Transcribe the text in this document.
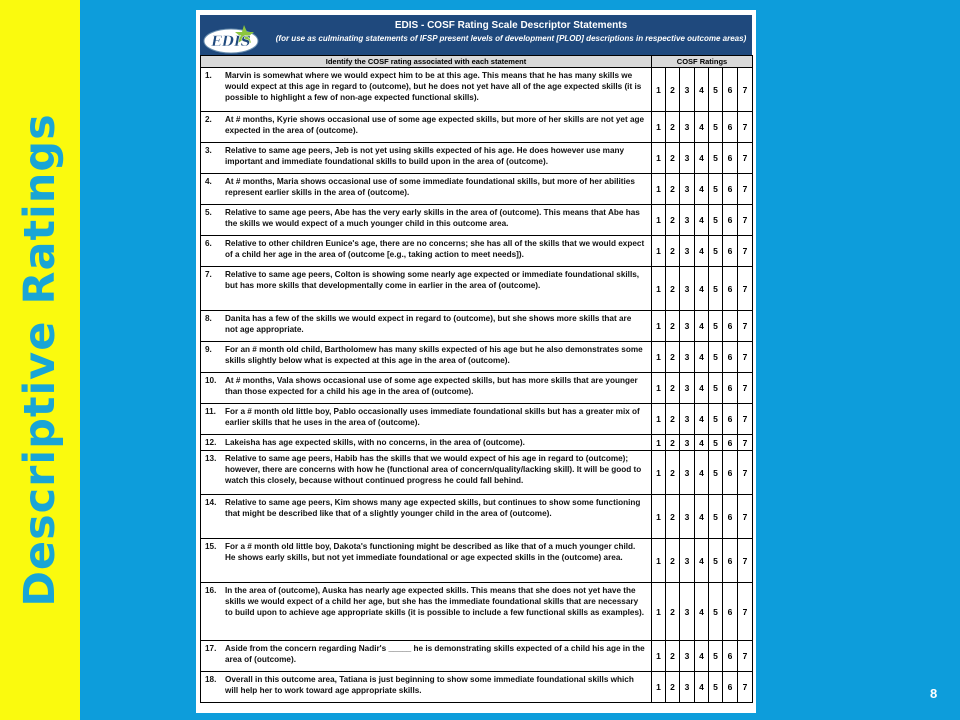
Descriptive Ratings
EDIS - COSF Rating Scale Descriptor Statements
(for use as culminating statements of IFSP present levels of development [PLOD] descriptions in respective outcome areas)
EDIS
Identify the COSF rating associated with each statement	COSF Ratings						
1. Marvin is somewhat where we would expect him to be at this age. This means that he has many skills we would expect at this age in regard to (outcome), but he does not yet have all of the age expected skills (it is possible to highlight a few of non-age expected functional skills).	1	2	3	4	5	6	7
2. At # months, Kyrie shows occasional use of some age expected skills, but more of her skills are not yet age expected in the area of (outcome).	1	2	3	4	5	6	7
3. Relative to same age peers, Jeb is not yet using skills expected of his age. He does however use many important and immediate foundational skills to build upon in the area of (outcome).	1	2	3	4	5	6	7
4. At # months, Maria shows occasional use of some immediate foundational skills, but more of her abilities represent earlier skills in the area of (outcome).	1	2	3	4	5	6	7
5. Relative to same age peers, Abe has the very early skills in the area of (outcome). This means that Abe has the skills we would expect of a much younger child in this outcome area.	1	2	3	4	5	6	7
6. Relative to other children Eunice's age, there are no concerns; she has all of the skills that we would expect of a child her age in the area of (outcome [e.g., taking action to meet needs]).	1	2	3	4	5	6	7
7. Relative to same age peers, Colton is showing some nearly age expected or immediate foundational skills, but has more skills that developmentally come in earlier in the area of (outcome).	1	2	3	4	5	6	7
8. Danita has a few of the skills we would expect in regard to (outcome), but she shows more skills that are not age appropriate.	1	2	3	4	5	6	7
9. For an # month old child, Bartholomew has many skills expected of his age but he also demonstrates some skills slightly below what is expected at this age in the area of (outcome).	1	2	3	4	5	6	7
10. At # months, Vala shows occasional use of some age expected skills, but has more skills that are younger than those expected for a child his age in the area of (outcome).	1	2	3	4	5	6	7
11. For a # month old little boy, Pablo occasionally uses immediate foundational skills but has a greater mix of earlier skills that he uses in the area of (outcome).	1	2	3	4	5	6	7
12. Lakeisha has age expected skills, with no concerns, in the area of (outcome).	1	2	3	4	5	6	7
13. Relative to same age peers, Habib has the skills that we would expect of his age in regard to (outcome); however, there are concerns with how he (functional area of concern/quality/lacking skill). It will be good to watch this closely, because without continued progress he could fall behind.	1	2	3	4	5	6	7
14. Relative to same age peers, Kim shows many age expected skills, but continues to show some functioning that might be described like that of a slightly younger child in the area of (outcome).	1	2	3	4	5	6	7
15. For a # month old little boy, Dakota's functioning might be described as like that of a much younger child. He shows early skills, but not yet immediate foundational or age expected skills in the (outcome) area.	1	2	3	4	5	6	7
16. In the area of (outcome), Auska has nearly age expected skills. This means that she does not yet have the skills we would expect of a child her age, but she has the immediate foundational skills that are necessary to build upon to achieve age appropriate skills (it is possible to include a few functional skills as examples).	1	2	3	4	5	6	7
17. Aside from the concern regarding Nadir's _____ he is demonstrating skills expected of a child his age in the area of (outcome).	1	2	3	4	5	6	7
18. Overall in this outcome area, Tatiana is just beginning to show some immediate foundational skills which will help her to work toward age appropriate skills.	1	2	3	4	5	6	7	8
